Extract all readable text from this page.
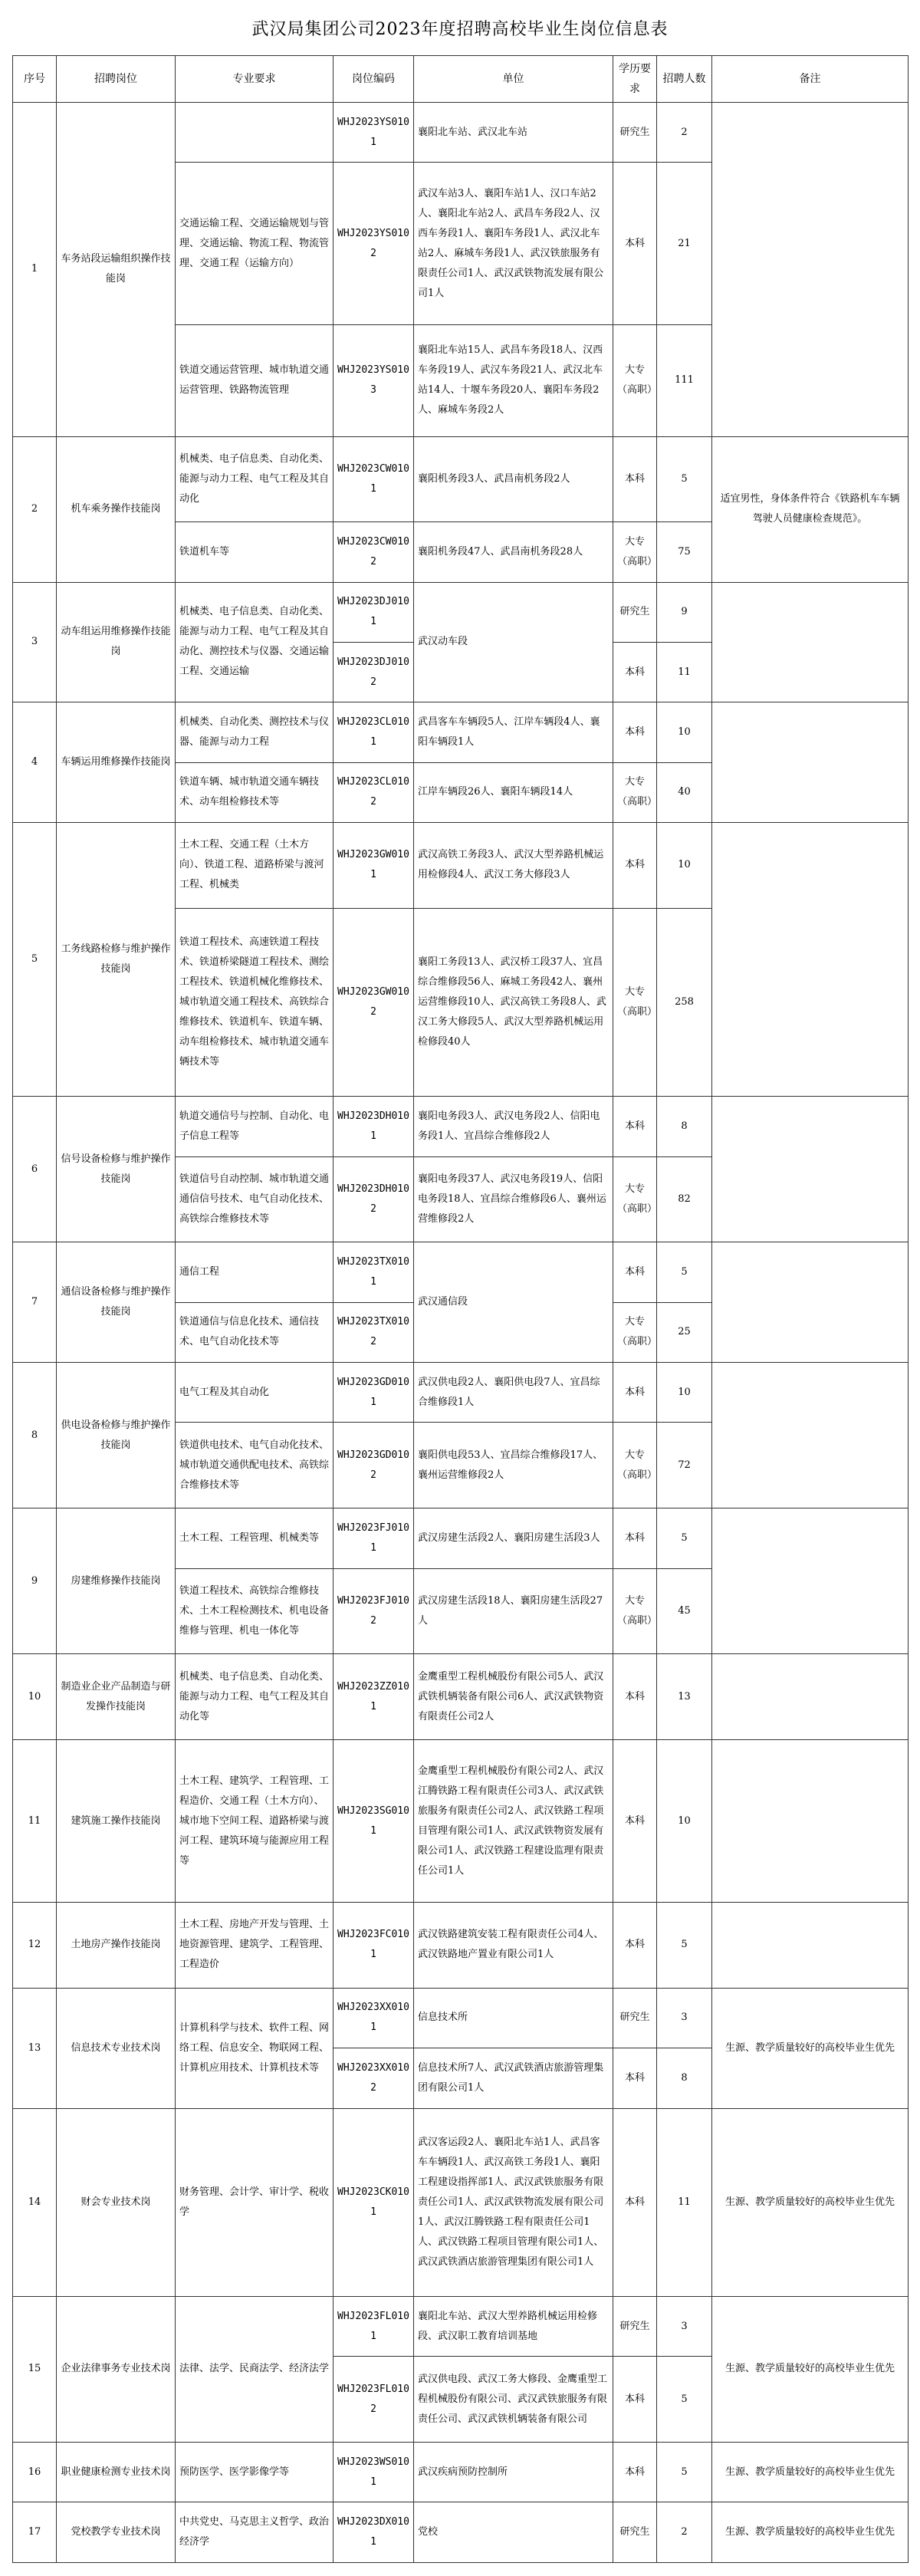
武汉局集团公司2023年度招聘高校毕业生岗位信息表
序号	招聘岗位	专业要求	岗位编码	单位	学历要求	招聘人数	备注
1	车务站段运输组织操作技能岗		WHJ2023YS0101	襄阳北车站、武汉北车站	研究生	2	
		交通运输工程、交通运输规划与管理、交通运输、物流工程、物流管理、交通工程（运输方向）	WHJ2023YS0102	武汉车站3人、襄阳车站1人、汉口车站2人、襄阳北车站2人、武昌车务段2人、汉西车务段1人、襄阳车务段1人、武汉北车站2人、麻城车务段1人、武汉铁旅服务有限责任公司1人、武汉武铁物流发展有限公司1人	本科	21	
		铁道交通运营管理、城市轨道交通运营管理、铁路物流管理	WHJ2023YS0103	襄阳北车站15人、武昌车务段18人、汉西车务段19人、武汉车务段21人、武汉北车站14人、十堰车务段20人、襄阳车务段2人、麻城车务段2人	大专（高职）	111	
2	机车乘务操作技能岗	机械类、电子信息类、自动化类、能源与动力工程、电气工程及其自动化	WHJ2023CW0101	襄阳机务段3人、武昌南机务段2人	本科	5	适宜男性，身体条件符合《铁路机车车辆驾驶人员健康检查规范》。
		铁道机车等	WHJ2023CW0102	襄阳机务段47人、武昌南机务段28人	大专（高职）	75	
3	动车组运用维修操作技能岗	机械类、电子信息类、自动化类、能源与动力工程、电气工程及其自动化、测控技术与仪器、交通运输工程、交通运输	WHJ2023DJ0101	武汉动车段	研究生	9	
			WHJ2023DJ0102		本科	11	
4	车辆运用维修操作技能岗	机械类、自动化类、测控技术与仪器、能源与动力工程	WHJ2023CL0101	武昌客车车辆段5人、江岸车辆段4人、襄阳车辆段1人	本科	10	
		铁道车辆、城市轨道交通车辆技术、动车组检修技术等	WHJ2023CL0102	江岸车辆段26人、襄阳车辆段14人	大专（高职）	40	
5	工务线路检修与维护操作技能岗	土木工程、交通工程（土木方向）、铁道工程、道路桥梁与渡河工程、机械类	WHJ2023GW0101	武汉高铁工务段3人、武汉大型养路机械运用检修段4人、武汉工务大修段3人	本科	10	
		铁道工程技术、高速铁道工程技术、铁道桥梁隧道工程技术、测绘工程技术、铁道机械化维修技术、城市轨道交通工程技术、高铁综合维修技术、铁道机车、铁道车辆、动车组检修技术、城市轨道交通车辆技术等	WHJ2023GW0102	襄阳工务段13人、武汉桥工段37人、宜昌综合维修段56人、麻城工务段42人、襄州运营维修段10人、武汉高铁工务段8人、武汉工务大修段5人、武汉大型养路机械运用检修段40人	大专（高职）	258	
6	信号设备检修与维护操作技能岗	轨道交通信号与控制、自动化、电子信息工程等	WHJ2023DH0101	襄阳电务段3人、武汉电务段2人、信阳电务段1人、宜昌综合维修段2人	本科	8	
		铁道信号自动控制、城市轨道交通通信信号技术、电气自动化技术、高铁综合维修技术等	WHJ2023DH0102	襄阳电务段37人、武汉电务段19人、信阳电务段18人、宜昌综合维修段6人、襄州运营维修段2人	大专（高职）	82	
7	通信设备检修与维护操作技能岗	通信工程	WHJ2023TX0101	武汉通信段	本科	5	
		铁道通信与信息化技术、通信技术、电气自动化技术等	WHJ2023TX0102		大专（高职）	25	
8	供电设备检修与维护操作技能岗	电气工程及其自动化	WHJ2023GD0101	武汉供电段2人、襄阳供电段7人、宜昌综合维修段1人	本科	10	
		铁道供电技术、电气自动化技术、城市轨道交通供配电技术、高铁综合维修技术等	WHJ2023GD0102	襄阳供电段53人、宜昌综合维修段17人、襄州运营维修段2人	大专（高职）	72	
9	房建维修操作技能岗	土木工程、工程管理、机械类等	WHJ2023FJ0101	武汉房建生活段2人、襄阳房建生活段3人	本科	5	
		铁道工程技术、高铁综合维修技术、土木工程检测技术、机电设备维修与管理、机电一体化等	WHJ2023FJ0102	武汉房建生活段18人、襄阳房建生活段27人	大专（高职）	45	
10	制造业企业产品制造与研发操作技能岗	机械类、电子信息类、自动化类、能源与动力工程、电气工程及其自动化等	WHJ2023ZZ0101	金鹰重型工程机械股份有限公司5人、武汉武铁机辆装备有限公司6人、武汉武铁物资有限责任公司2人	本科	13	
11	建筑施工操作技能岗	土木工程、建筑学、工程管理、工程造价、交通工程（土木方向）、城市地下空间工程、道路桥梁与渡河工程、建筑环境与能源应用工程等	WHJ2023SG0101	金鹰重型工程机械股份有限公司2人、武汉江腾铁路工程有限责任公司3人、武汉武铁旅服务有限责任公司2人、武汉铁路工程项目管理有限公司1人、武汉武铁物资发展有限公司1人、武汉铁路工程建设监理有限责任公司1人	本科	10	
12	土地房产操作技能岗	土木工程、房地产开发与管理、土地资源管理、建筑学、工程管理、工程造价	WHJ2023FC0101	武汉铁路建筑安装工程有限责任公司4人、武汉铁路地产置业有限公司1人	本科	5	
13	信息技术专业技术岗	计算机科学与技术、软件工程、网络工程、信息安全、物联网工程、计算机应用技术、计算机技术等	WHJ2023XX0101	信息技术所	研究生	3	生源、教学质量较好的高校毕业生优先
			WHJ2023XX0102	信息技术所7人、武汉武铁酒店旅游管理集团有限公司1人	本科	8	
14	财会专业技术岗	财务管理、会计学、审计学、税收学	WHJ2023CK0101	武汉客运段2人、襄阳北车站1人、武昌客车车辆段1人、武汉高铁工务段1人、襄阳工程建设指挥部1人、武汉武铁旅服务有限责任公司1人、武汉武铁物流发展有限公司1人、武汉江腾铁路工程有限责任公司1人、武汉铁路工程项目管理有限公司1人、武汉武铁酒店旅游管理集团有限公司1人	本科	11	生源、教学质量较好的高校毕业生优先
15	企业法律事务专业技术岗	法律、法学、民商法学、经济法学	WHJ2023FL0101	襄阳北车站、武汉大型养路机械运用检修段、武汉职工教育培训基地	研究生	3	生源、教学质量较好的高校毕业生优先
			WHJ2023FL0102	武汉供电段、武汉工务大修段、金鹰重型工程机械股份有限公司、武汉武铁旅服务有限责任公司、武汉武铁机辆装备有限公司	本科	5	
16	职业健康检测专业技术岗	预防医学、医学影像学等	WHJ2023WS0101	武汉疾病预防控制所	本科	5	生源、教学质量较好的高校毕业生优先
17	党校教学专业技术岗	中共党史、马克思主义哲学、政治经济学	WHJ2023DX0101	党校	研究生	2	生源、教学质量较好的高校毕业生优先
